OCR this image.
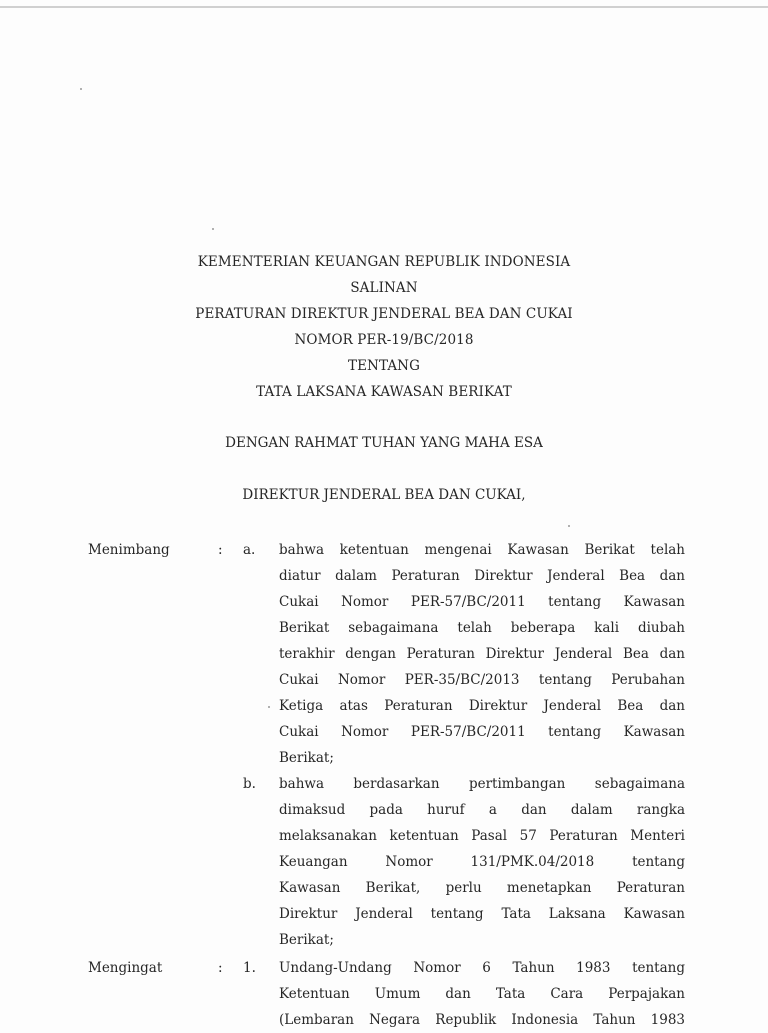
KEMENTERIAN KEUANGAN REPUBLIK INDONESIA
SALINAN
PERATURAN DIREKTUR JENDERAL BEA DAN CUKAI
NOMOR PER-19/BC/2018
TENTANG
TATA LAKSANA KAWASAN BERIKAT
DENGAN RAHMAT TUHAN YANG MAHA ESA
DIREKTUR JENDERAL BEA DAN CUKAI,
Menimbang	: a. bahwa ketentuan mengenai Kawasan Berikat telah
diatur dalam Peraturan Direktur Jenderal Bea dan
Cukai Nomor PER-57/BC/2011 tentang Kawasan
Berikat sebagaimana telah beberapa kali diubah
terakhir dengan Peraturan Direktur Jenderal Bea dan
Cukai Nomor PER-35/BC/2013 tentang Perubahan
Ketiga atas Peraturan Direktur Jenderal Bea dan
Cukai Nomor PER-57/BC/2011 tentang Kawasan
Berikat;
b. bahwa berdasarkan pertimbangan sebagaimana
dimaksud pada huruf a dan dalam rangka
melaksanakan ketentuan Pasal 57 Peraturan Menteri
Keuangan Nomor 131/PMK.04/2018 tentang
Kawasan Berikat, perlu menetapkan Peraturan
Direktur Jenderal tentang Tata Laksana Kawasan
Berikat;
Mengingat	: 1. Undang-Undang Nomor 6 Tahun 1983 tentang
Ketentuan Umum dan Tata Cara Perpajakan
(Lembaran Negara Republik Indonesia Tahun 1983
